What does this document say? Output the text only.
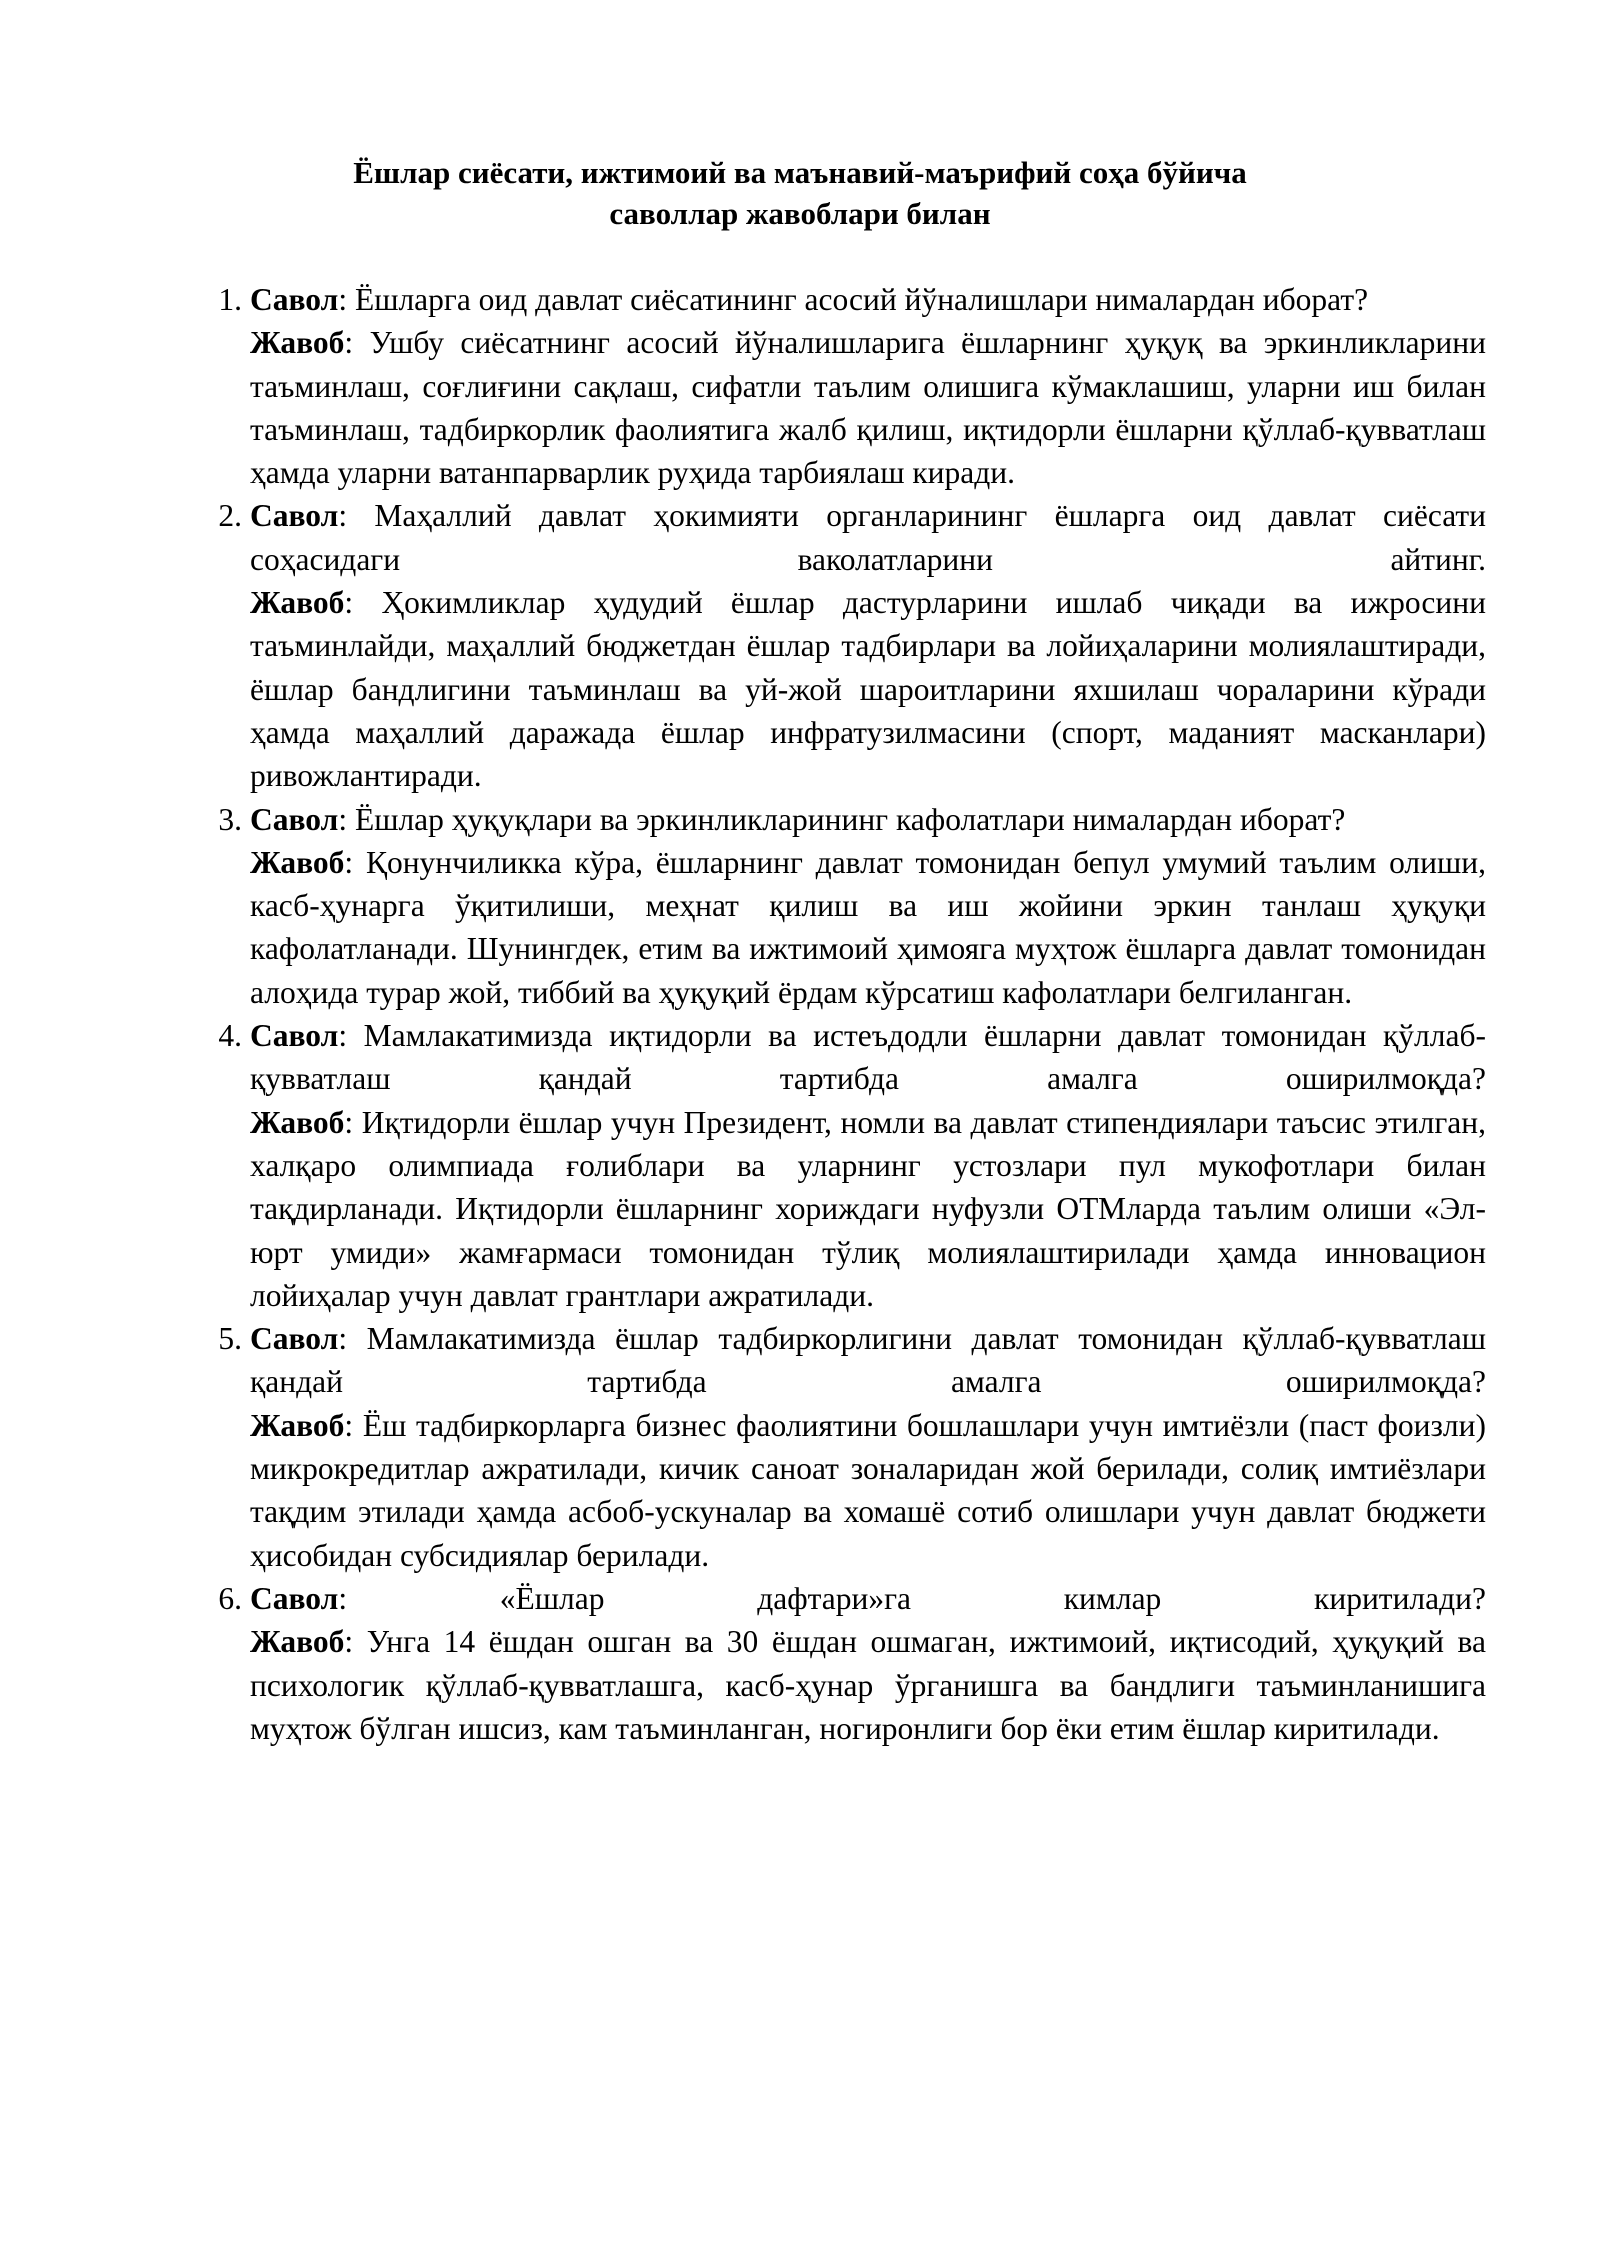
Ёшлар сиёсати, ижтимоий ва маънавий-маърифий соҳа бўйича
саволлар жавоблари билан
1. Савол: Ёшларга оид давлат сиёсатининг асосий йўналишлари нималардан иборат?
Жавоб: Ушбу сиёсатнинг асосий йўналишларига ёшларнинг ҳуқуқ ва эркинликларини таъминлаш, соғлиғини сақлаш, сифатли таълим олишига кўмаклашиш, уларни иш билан таъминлаш, тадбиркорлик фаолиятига жалб қилиш, иқтидорли ёшларни қўллаб-қувватлаш ҳамда уларни ватанпарварлик руҳида тарбиялаш киради.
2. Савол: Маҳаллий давлат ҳокимияти органларининг ёшларга оид давлат сиёсати соҳасидаги ваколатларини айтинг.
Жавоб: Ҳокимликлар ҳудудий ёшлар дастурларини ишлаб чиқади ва ижросини таъминлайди, маҳаллий бюджетдан ёшлар тадбирлари ва лойиҳаларини молиялаштиради, ёшлар бандлигини таъминлаш ва уй-жой шароитларини яхшилаш чораларини кўради ҳамда маҳаллий даражада ёшлар инфратузилмасини (спорт, маданият масканлари) ривожлантиради.
3. Савол: Ёшлар ҳуқуқлари ва эркинликларининг кафолатлари нималардан иборат?
Жавоб: Қонунчиликка кўра, ёшларнинг давлат томонидан бепул умумий таълим олиши, касб-ҳунарга ўқитилиши, меҳнат қилиш ва иш жойини эркин танлаш ҳуқуқи кафолатланади. Шунингдек, етим ва ижтимоий ҳимояга муҳтож ёшларга давлат томонидан алоҳида турар жой, тиббий ва ҳуқуқий ёрдам кўрсатиш кафолатлари белгиланган.
4. Савол: Мамлакатимизда иқтидорли ва истеъдодли ёшларни давлат томонидан қўллаб-қувватлаш қандай тартибда амалга оширилмоқда?
Жавоб: Иқтидорли ёшлар учун Президент, номли ва давлат стипендиялари таъсис этилган, халқаро олимпиада ғолиблари ва уларнинг устозлари пул мукофотлари билан тақдирланади. Иқтидорли ёшларнинг хориждаги нуфузли ОТМларда таълим олиши «Эл-юрт умиди» жамғармаси томонидан тўлиқ молиялаштирилади ҳамда инновацион лойиҳалар учун давлат грантлари ажратилади.
5. Савол: Мамлакатимизда ёшлар тадбиркорлигини давлат томонидан қўллаб-қувватлаш қандай тартибда амалга оширилмоқда?
Жавоб: Ёш тадбиркорларга бизнес фаолиятини бошлашлари учун имтиёзли (паст фоизли) микрокредитлар ажратилади, кичик саноат зоналаридан жой берилади, солиқ имтиёзлари тақдим этилади ҳамда асбоб-ускуналар ва хомашё сотиб олишлари учун давлат бюджети ҳисобидан субсидиялар берилади.
6. Савол: «Ёшлар дафтари»га кимлар киритилади?
Жавоб: Унга 14 ёшдан ошган ва 30 ёшдан ошмаган, ижтимоий, иқтисодий, ҳуқуқий ва психологик қўллаб-қувватлашга, касб-ҳунар ўрганишга ва бандлиги таъминланишига муҳтож бўлган ишсиз, кам таъминланган, ногиронлиги бор ёки етим ёшлар киритилади.
